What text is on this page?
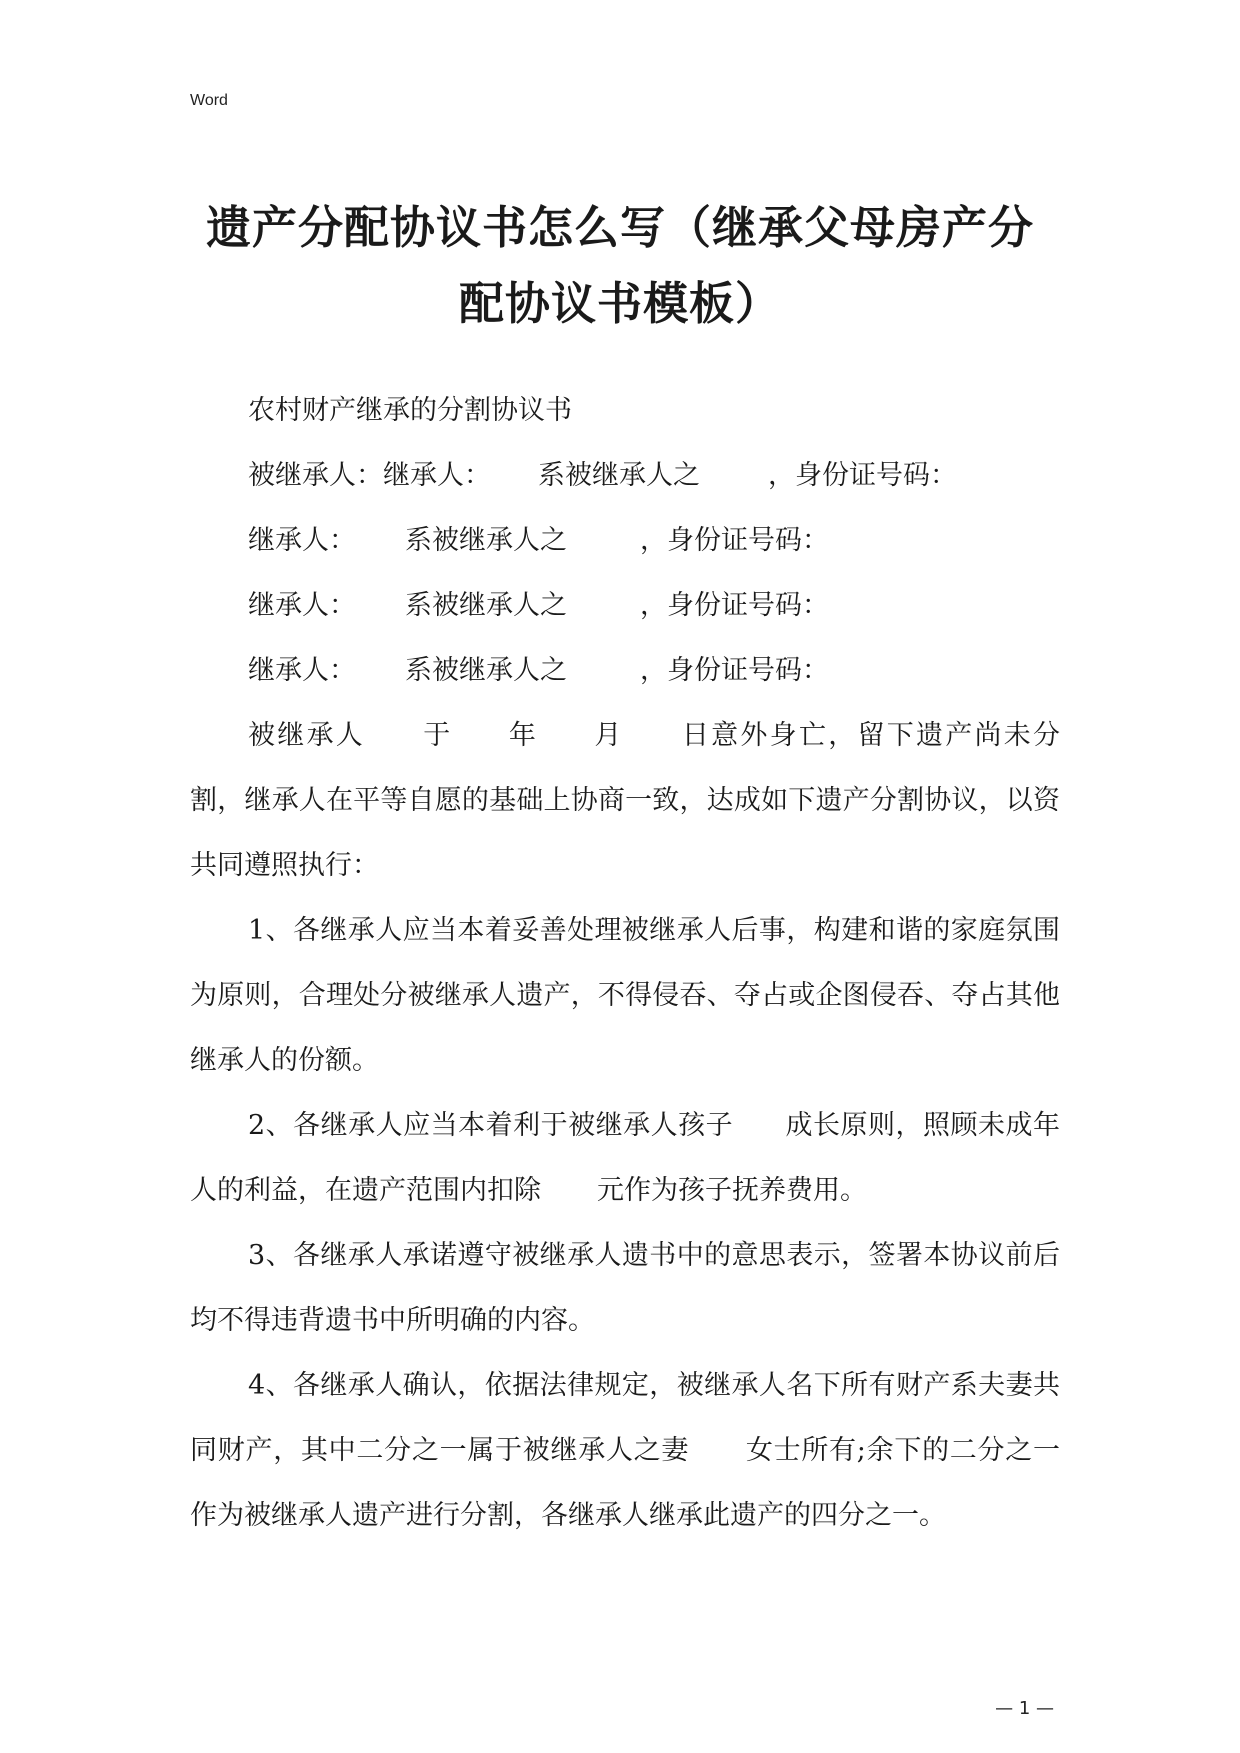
Word
遗产分配协议书怎么写（继承父母房产分
配协议书模板）

农村财产继承的分割协议书

被继承人：继承人：	系被继承人之	，身份证号码：
继承人：	系被继承人之	，身份证号码：
继承人：	系被继承人之	，身份证号码：
继承人：	系被继承人之	，身份证号码：

被继承人 于 年 月 日意外身亡，留下遗产尚未分割，继承人在平等自愿的基础上协商一致，达成如下遗产分割协议，以资共同遵照执行：

1、各继承人应当本着妥善处理被继承人后事，构建和谐的家庭氛围为原则，合理处分被继承人遗产，不得侵吞、夺占或企图侵吞、夺占其他继承人的份额。

2、各继承人应当本着利于被继承人孩子 成长原则，照顾未成年人的利益，在遗产范围内扣除 元作为孩子抚养费用。

3、各继承人承诺遵守被继承人遗书中的意思表示，签署本协议前后均不得违背遗书中所明确的内容。

4、各继承人确认，依据法律规定，被继承人名下所有财产系夫妻共同财产，其中二分之一属于被继承人之妻 女士所有;余下的二分之一作为被继承人遗产进行分割，各继承人继承此遗产的四分之一。

— 1 —
